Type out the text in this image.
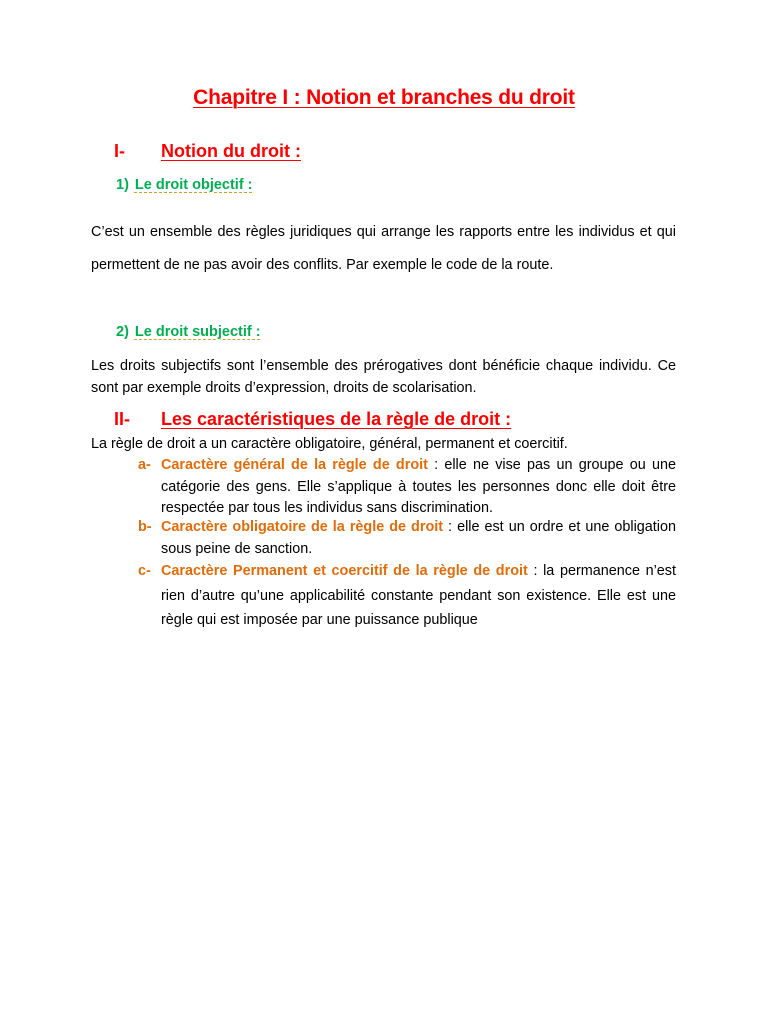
Chapitre I : Notion et branches du droit
I- Notion du droit :
1) Le droit objectif :
C’est un ensemble des règles juridiques qui arrange les rapports entre les individus et qui permettent de ne pas avoir des conflits. Par exemple le code de la route.
2) Le droit subjectif :
Les droits subjectifs sont l’ensemble des prérogatives dont bénéficie chaque individu. Ce sont par exemple droits d’expression, droits de scolarisation.
II- Les caractéristiques de la règle de droit :
La règle de droit a un caractère obligatoire, général, permanent et coercitif.
a- Caractère général de la règle de droit : elle ne vise pas un groupe ou une catégorie des gens. Elle s’applique à toutes les personnes donc elle doit être respectée par tous les individus sans discrimination.
b- Caractère obligatoire de la règle de droit : elle est un ordre et une obligation sous peine de sanction.
c- Caractère Permanent et coercitif de la règle de droit : la permanence n’est rien d’autre qu’une applicabilité constante pendant son existence. Elle est une règle qui est imposée par une puissance publique
